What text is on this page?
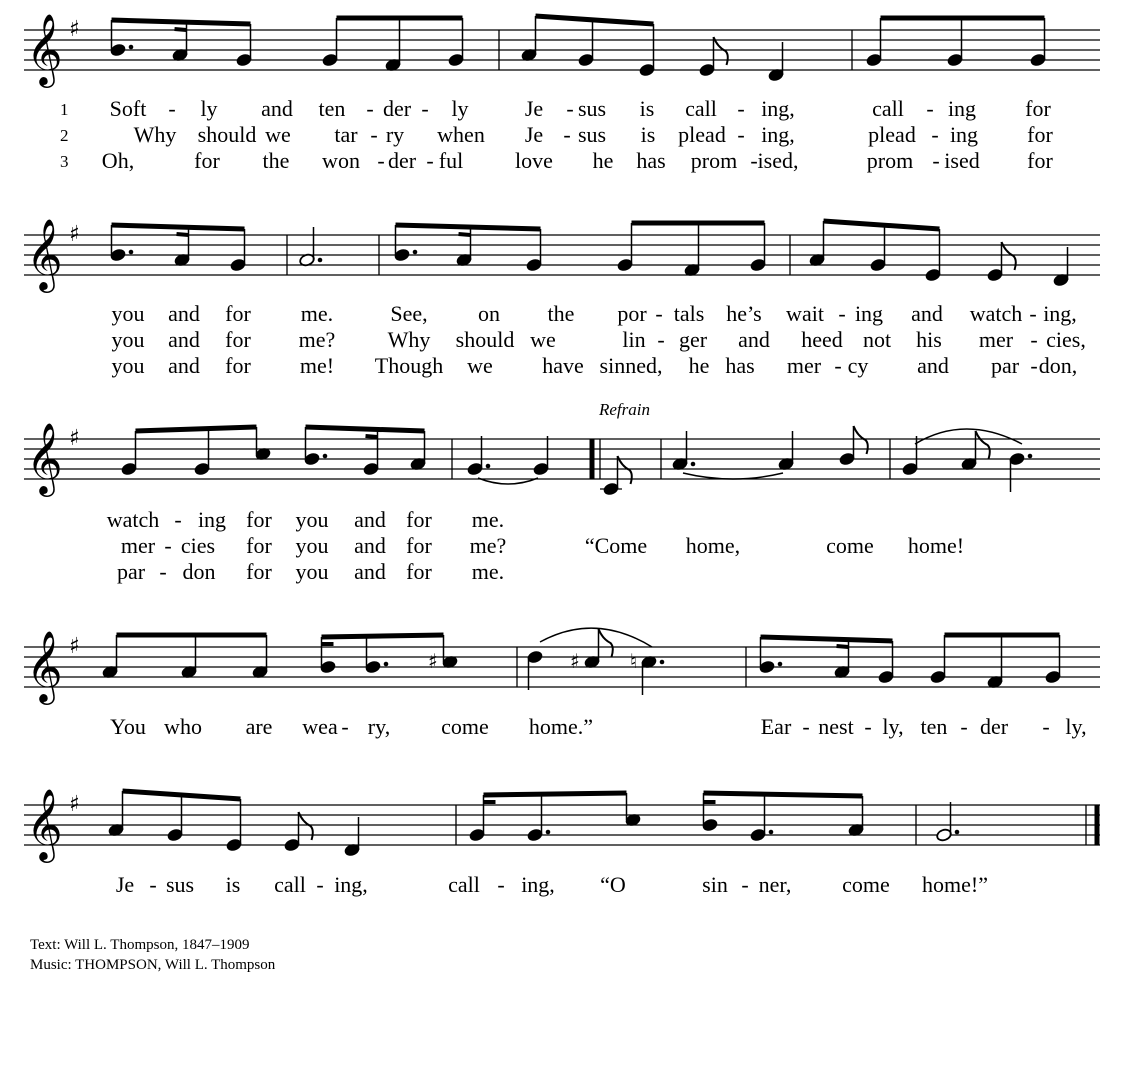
𝄞 ♯
𝄞 ♯
𝄞 ♯
𝄞 ♯
♯	♯	♮
𝄞 ♯
1
2
3
Soft - ly and ten - der - ly	Je - sus is call - ing,	call - ing for
Why should we tar - ry when Je - sus is plead - ing,	plead - ing for
Oh,	for the won - der - ful love he has prom - ised,	prom - ised for
you and for me.	See, on the por - tals he’s wait - ing and watch - ing,
you and for me? Why should we	lin - ger and heed not his mer - cies,
you and for me! Though we have sinned, he has mer - cy and par - don,
watch - ing for you and for me.
mer - cies for you and for me?	“Come home,	come home!
par - don for you and for me.
You who are wea - ry, come home.”	Ear - nest - ly, ten - der - ly,
Je - sus is call - ing,	call - ing, “O	sin - ner, come home!”
Refrain
Text: Will L. Thompson, 1847–1909
Music: THOMPSON, Will L. Thompson
